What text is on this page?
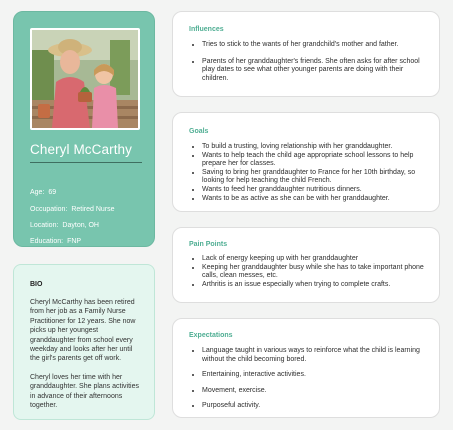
Cheryl McCarthy
Age: 69
Occupation: Retired Nurse
Location: Dayton, OH
Education: FNP
BIO

Cheryl McCarthy has been retired from her job as a Family Nurse Practitioner for 12 years. She now picks up her youngest granddaughter from school every weekday and looks after her until the girl's parents get off work.

Cheryl loves her time with her granddaughter. She plans activities in advance of their afternoons together.

Influences
• Tries to stick to the wants of her grandchild's mother and father.
• Parents of her granddaughter's friends. She often asks for after school play dates to see what other younger parents are doing with their children.
Goals
• To build a trusting, loving relationship with her granddaughter.
• Wants to help teach the child age appropriate school lessons to help prepare her for classes.
• Saving to bring her granddaughter to France for her 10th birthday, so looking for help teaching the child French.
• Wants to feed her granddaughter nutritious dinners.
• Wants to be as active as she can be with her granddaughter.
Pain Points
• Lack of energy keeping up with her granddaughter
• Keeping her granddaughter busy while she has to take important phone calls, clean messes, etc.
• Arthritis is an issue especially when trying to complete crafts.
Expectations
• Language taught in various ways to reinforce what the child is learning without the child becoming bored.
• Entertaining, interactive activities.
• Movement, exercise.
• Purposeful activity.
